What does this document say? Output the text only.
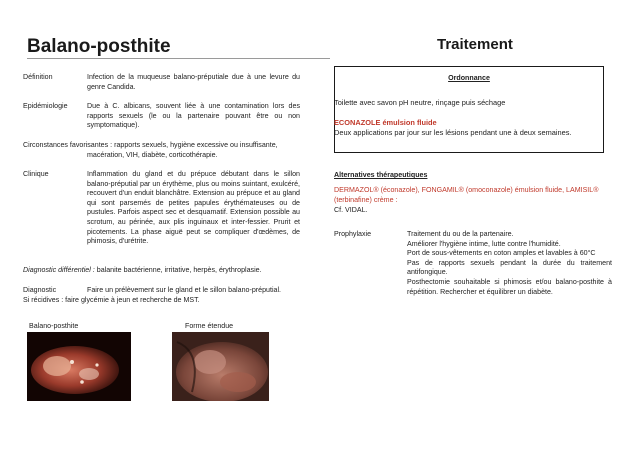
Balano-posthite
Définition	Infection de la muqueuse balano-préputiale due à une levure du genre Candida.
Epidémiologie	Due à C. albicans, souvent liée à une contamination lors des rapports sexuels (le ou la partenaire pouvant être ou non symptomatique).
Circonstances favorisantes : rapports sexuels, hygiène excessive ou insuffisante,
macération, VIH, diabète, corticothérapie.
Clinique	Inflammation du gland et du prépuce débutant dans le sillon balano-préputial par un érythème, plus ou moins suintant, exulcéré, recouvert d'un enduit blanchâtre. Extension au prépuce et au gland qui sont parsemés de petites papules érythémateuses ou de pustules. Parfois aspect sec et desquamatif. Extension possible au scrotum, au périnée, aux plis inguinaux et inter-fessier. Prurit et picotements. La phase aiguë peut se compliquer d'œdèmes, de phimosis, d'urétrite.
Diagnostic différentiel : balanite bactérienne, irritative, herpès, érythroplasie.
Diagnostic	Faire un prélèvement sur le gland et le sillon balano-préputial.
Si récidives : faire glycémie à jeun et recherche de MST.
Balano-posthite	Forme étendue
Traitement
Ordonnance
Toilette avec savon pH neutre, rinçage puis séchage
ECONAZOLE émulsion fluide
Deux applications par jour sur les lésions pendant une à deux semaines.
Alternatives thérapeutiques
DERMAZOL® (éconazole), FONGAMIL® (omoconazole) émulsion fluide, LAMISIL®
(terbinafine) crème :
Cf. VIDAL.
Prophylaxie	Traitement du ou de la partenaire.
Améliorer l'hygiène intime, lutte contre l'humidité.
Port de sous-vêtements en coton amples et lavables à 60°C
Pas de rapports sexuels pendant la durée du traitement antifongique.
Posthectomie souhaitable si phimosis et/ou balano-posthite à répétition. Rechercher et équilibrer un diabète.
